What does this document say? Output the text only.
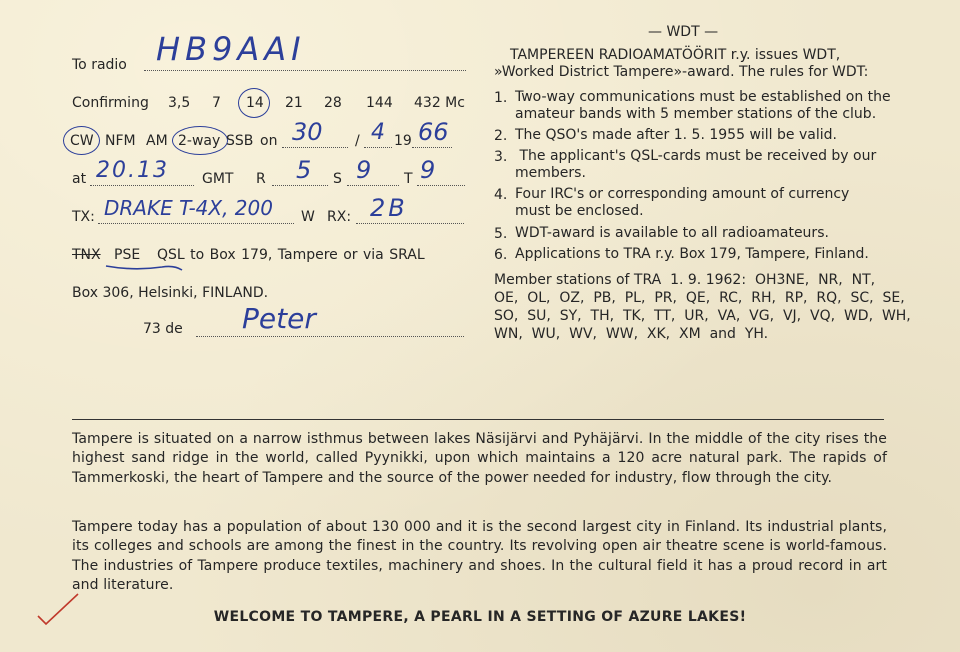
To radio HB9AAI
Confirming 3,5 7 14 21 28 144 432 Mc
CW NFM AM 2-way SSB on 30 / 4 19 66
at 20.13 GMT R 5 S 9 T 9
TX: DRAKE T-4X, 200 W RX: 2B
TNX PSE QSL to Box 179, Tampere or via SRAL
Box 306, Helsinki, FINLAND.
73 de Peter
— WDT —
TAMPEREEN RADIOAMATÖÖRIT r.y. issues WDT,
»Worked District Tampere»-award. The rules for WDT:
1. Two-way communications must be established on the
amateur bands with 5 member stations of the club.
2. The QSO's made after 1. 5. 1955 will be valid.
3. The applicant's QSL-cards must be received by our
members.
4. Four IRC's or corresponding amount of currency
must be enclosed.
5. WDT-award is available to all radioamateurs.
6. Applications to TRA r.y. Box 179, Tampere, Finland.
Member stations of TRA  1. 9. 1962:  OH3NE,  NR,  NT,
OE,  OL,  OZ,  PB,  PL,  PR,  QE,  RC,  RH,  RP,  RQ,  SC,  SE,
SO,  SU,  SY,  TH,  TK,  TT,  UR,  VA,  VG,  VJ,  VQ,  WD,  WH,
WN,  WU,  WV,  WW,  XK,  XM  and  YH.

Tampere is situated on a narrow isthmus between lakes Näsijärvi and Pyhäjärvi. In the middle of the city rises the highest sand ridge in the world, called Pyynikki, upon which maintains a 120 acre natural park. The rapids of Tammerkoski, the heart of Tampere and the source of the power needed for industry, flow through the city.

Tampere today has a population of about 130 000 and it is the second largest city in Finland. Its industrial plants, its colleges and schools are among the finest in the country. Its revolving open air theatre scene is world-famous. The industries of Tampere produce textiles, machinery and shoes. In the cultural field it has a proud record in art and literature.

WELCOME TO TAMPERE, A PEARL IN A SETTING OF AZURE LAKES!
